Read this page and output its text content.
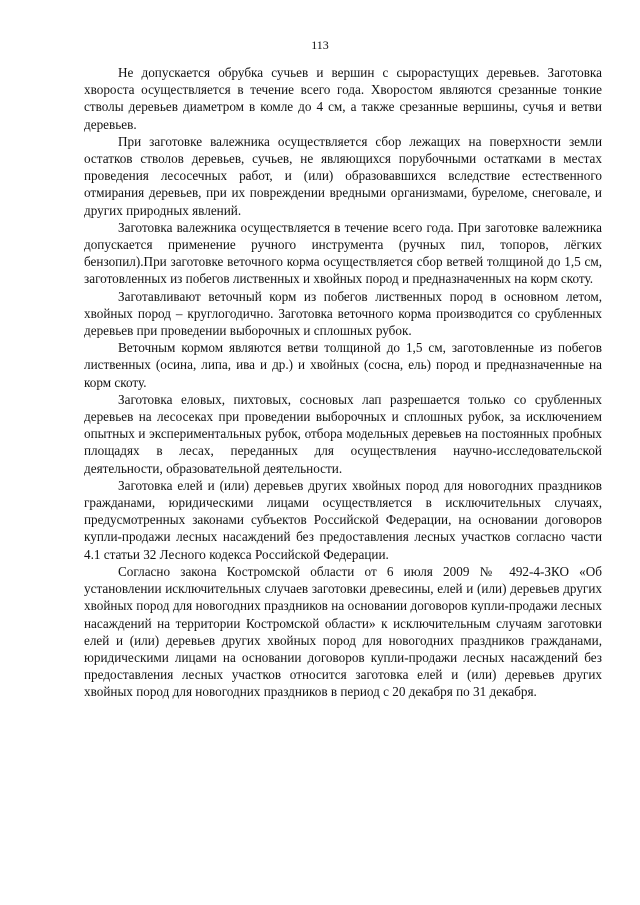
113

Не допускается обрубка сучьев и вершин с сырорастущих деревьев. Заготовка хвороста осуществляется в течение всего года. Хворостом являются срезанные тонкие стволы деревьев диаметром в комле до 4 см, а также срезанные вершины, сучья и ветви деревьев.

При заготовке валежника осуществляется сбор лежащих на поверхности земли остатков стволов деревьев, сучьев, не являющихся порубочными остатками в местах проведения лесосечных работ, и (или) образовавшихся вследствие естественного отмирания деревьев, при их повреждении вредными организмами, буреломе, снеговале, и других природных явлений.

Заготовка валежника осуществляется в течение всего года. При заготовке валежника допускается применение ручного инструмента (ручных пил, топоров, лёгких бензопил).При заготовке веточного корма осуществляется сбор ветвей толщиной до 1,5 см, заготовленных из побегов лиственных и хвойных пород и предназначенных на корм скоту.

Заготавливают веточный корм из побегов лиственных пород в основном летом, хвойных пород – круглогодично. Заготовка веточного корма производится со срубленных деревьев при проведении выборочных и сплошных рубок.

Веточным кормом являются ветви толщиной до 1,5 см, заготовленные из побегов лиственных (осина, липа, ива и др.) и хвойных (сосна, ель) пород и предназначенные на корм скоту.

Заготовка еловых, пихтовых, сосновых лап разрешается только со срубленных деревьев на лесосеках при проведении выборочных и сплошных рубок, за исключением опытных и экспериментальных рубок, отбора модельных деревьев на постоянных пробных площадях в лесах, переданных для осуществления научно-исследовательской деятельности, образовательной деятельности.

Заготовка елей и (или) деревьев других хвойных пород для новогодних праздников гражданами, юридическими лицами осуществляется в исключительных случаях, предусмотренных законами субъектов Российской Федерации, на основании договоров купли-продажи лесных насаждений без предоставления лесных участков согласно части 4.1 статьи 32 Лесного кодекса Российской Федерации.

Согласно закона Костромской области от 6 июля 2009 № 492-4-ЗКО «Об установлении исключительных случаев заготовки древесины, елей и (или) деревьев других хвойных пород для новогодних праздников на основании договоров купли-продажи лесных насаждений на территории Костромской области» к исключительным случаям заготовки елей и (или) деревьев других хвойных пород для новогодних праздников гражданами, юридическими лицами на основании договоров купли-продажи лесных насаждений без предоставления лесных участков относится заготовка елей и (или) деревьев других хвойных пород для новогодних праздников в период с 20 декабря по 31 декабря.
